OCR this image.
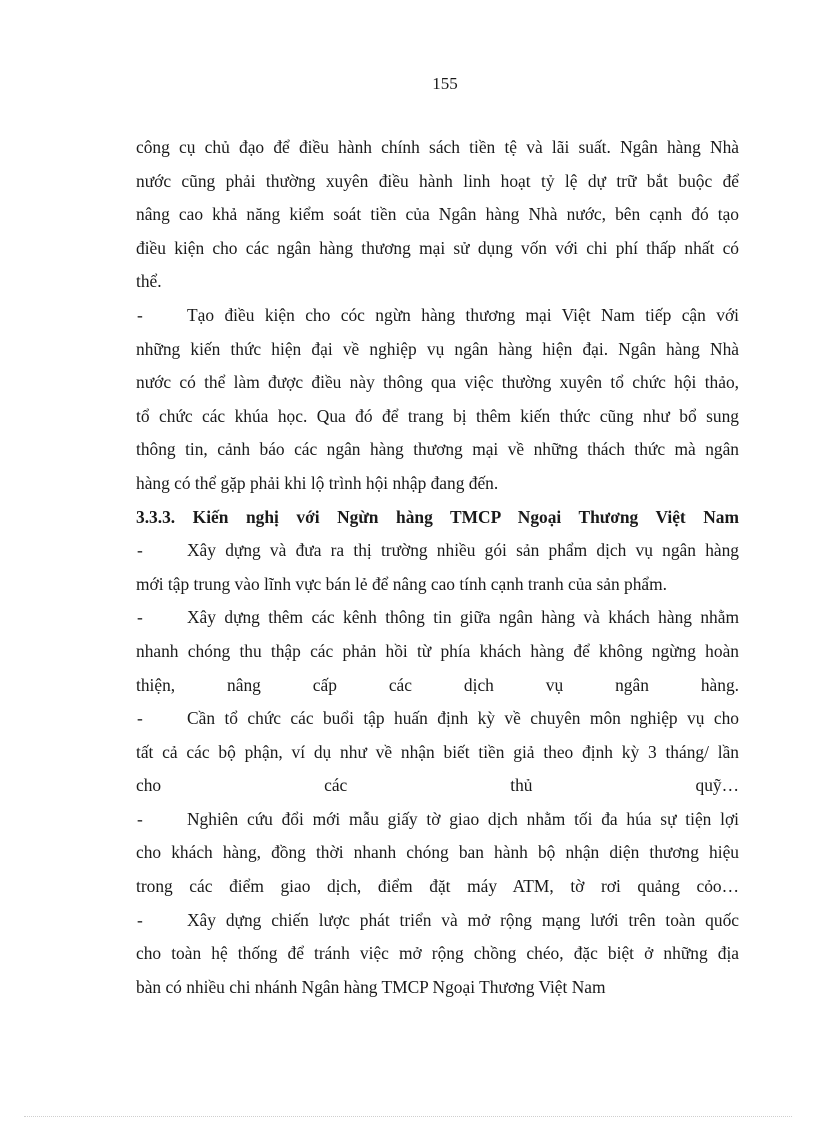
155

công cụ chủ đạo để điều hành chính sách tiền tệ và lãi suất. Ngân hàng Nhà
nước cũng phải thường xuyên điều hành linh hoạt tỷ lệ dự trữ bắt buộc để
nâng cao khả năng kiểm soát tiền của Ngân hàng Nhà nước, bên cạnh đó tạo
điều kiện cho các ngân hàng thương mại sử dụng vốn với chi phí thấp nhất có
thể.
-	Tạo điều kiện cho cóc ngừn hàng thương mại Việt Nam tiếp cận với
những kiến thức hiện đại về nghiệp vụ ngân hàng hiện đại. Ngân hàng Nhà
nước có thể làm được điều này thông qua việc thường xuyên tổ chức hội thảo,
tổ chức các khúa học. Qua đó để trang bị thêm kiến thức cũng như bổ sung
thông tin, cảnh báo các ngân hàng thương mại về những thách thức mà ngân
hàng có thể gặp phải khi lộ trình hội nhập đang đến.
3.3.3. Kiến nghị với Ngừn hàng TMCP Ngoại Thương Việt Nam
-	Xây dựng và đưa ra thị trường nhiều gói sản phẩm dịch vụ ngân hàng
mới tập trung vào lĩnh vực bán lẻ để nâng cao tính cạnh tranh của sản phẩm.
-	Xây dựng thêm các kênh thông tin giữa ngân hàng và khách hàng nhằm
nhanh chóng thu thập các phản hồi từ phía khách hàng để không ngừng hoàn
thiện, nâng cấp các dịch vụ ngân hàng.
-	Cần tổ chức các buổi tập huấn định kỳ về chuyên môn nghiệp vụ cho
tất cả các bộ phận, ví dụ như về nhận biết tiền giả theo định kỳ 3 tháng/ lần
cho các thủ quỹ…
-	Nghiên cứu đổi mới mẫu giấy tờ giao dịch nhằm tối đa húa sự tiện lợi
cho khách hàng, đồng thời nhanh chóng ban hành bộ nhận diện thương hiệu
trong các điểm giao dịch, điểm đặt máy ATM, tờ rơi quảng cỏo…
-	Xây dựng chiến lược phát triển và mở rộng mạng lưới trên toàn quốc
cho toàn hệ thống để tránh việc mở rộng chồng chéo, đặc biệt ở những địa
bàn có nhiều chi nhánh Ngân hàng TMCP Ngoại Thương Việt Nam
